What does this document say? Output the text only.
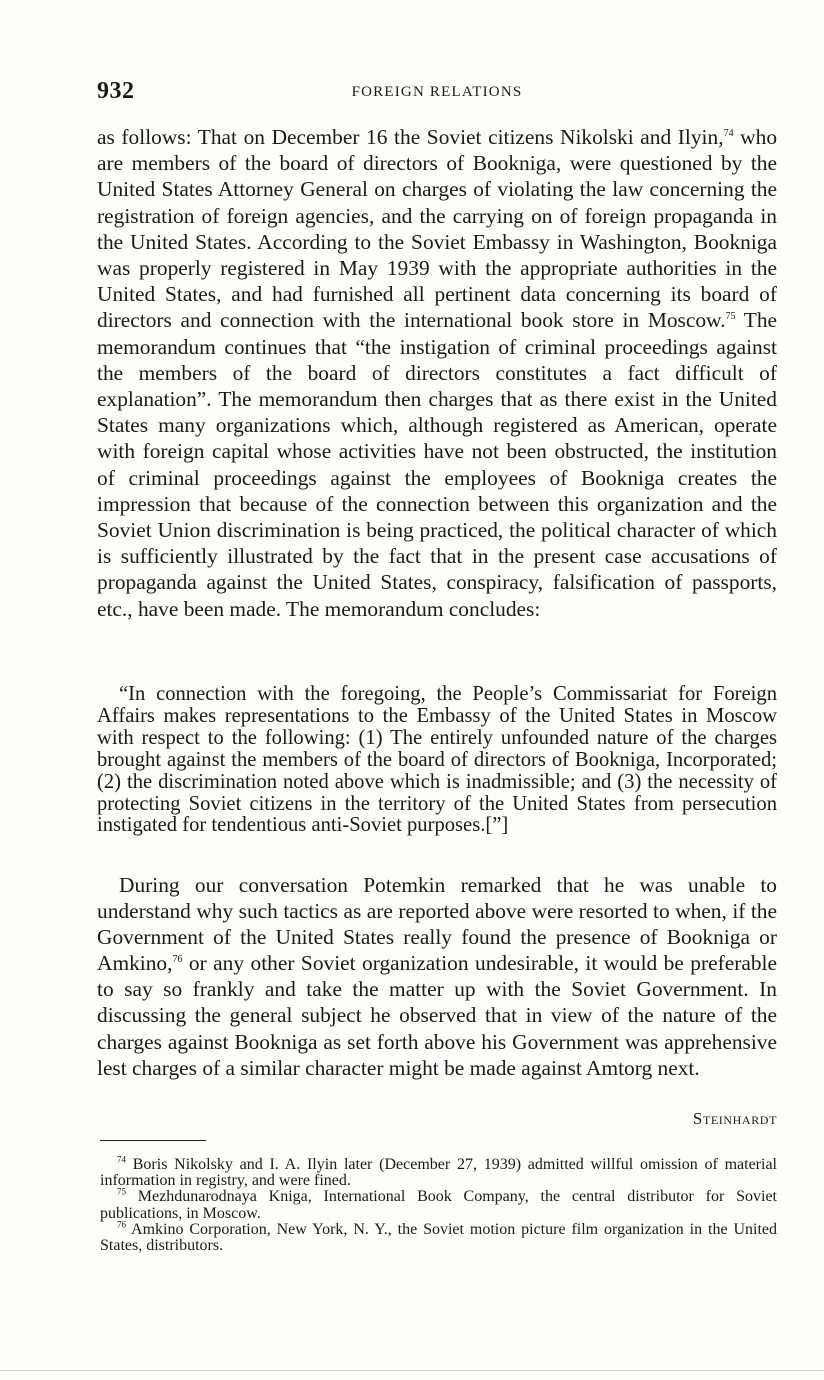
932	FOREIGN RELATIONS

as follows: That on December 16 the Soviet citizens Nikolski and Ilyin,$^{74}$ who are members of the board of directors of Bookniga, were questioned by the United States Attorney General on charges of violating the law concerning the registration of foreign agencies, and the carrying on of foreign propaganda in the United States. According to the Soviet Embassy in Washington, Bookniga was properly registered in May 1939 with the appropriate authorities in the United States, and had furnished all pertinent data concerning its board of directors and connection with the international book store in Moscow.$^{75}$ The memorandum continues that “the instigation of criminal proceedings against the members of the board of directors constitutes a fact difficult of explanation”. The memorandum then charges that as there exist in the United States many organizations which, although registered as American, operate with foreign capital whose activities have not been obstructed, the institution of criminal proceedings against the employees of Bookniga creates the impression that because of the connection between this organization and the Soviet Union discrimination is being practiced, the political character of which is sufficiently illustrated by the fact that in the present case accusations of propaganda against the United States, conspiracy, falsification of passports, etc., have been made. The memorandum concludes:

“In connection with the foregoing, the People’s Commissariat for Foreign Affairs makes representations to the Embassy of the United States in Moscow with respect to the following: (1) The entirely unfounded nature of the charges brought against the members of the board of directors of Bookniga, Incorporated; (2) the discrimination noted above which is inadmissible; and (3) the necessity of protecting Soviet citizens in the territory of the United States from persecution instigated for tendentious anti-Soviet purposes.[”]

During our conversation Potemkin remarked that he was unable to understand why such tactics as are reported above were resorted to when, if the Government of the United States really found the presence of Bookniga or Amkino,$^{76}$ or any other Soviet organization undesirable, it would be preferable to say so frankly and take the matter up with the Soviet Government. In discussing the general subject he observed that in view of the nature of the charges against Bookniga as set forth above his Government was apprehensive lest charges of a similar character might be made against Amtorg next.

Steinhardt

$^{74}$ Boris Nikolsky and I. A. Ilyin later (December 27, 1939) admitted willful omission of material information in registry, and were fined.

$^{75}$ Mezhdunarodnaya Kniga, International Book Company, the central distributor for Soviet publications, in Moscow.

$^{76}$ Amkino Corporation, New York, N. Y., the Soviet motion picture film organization in the United States, distributors.
